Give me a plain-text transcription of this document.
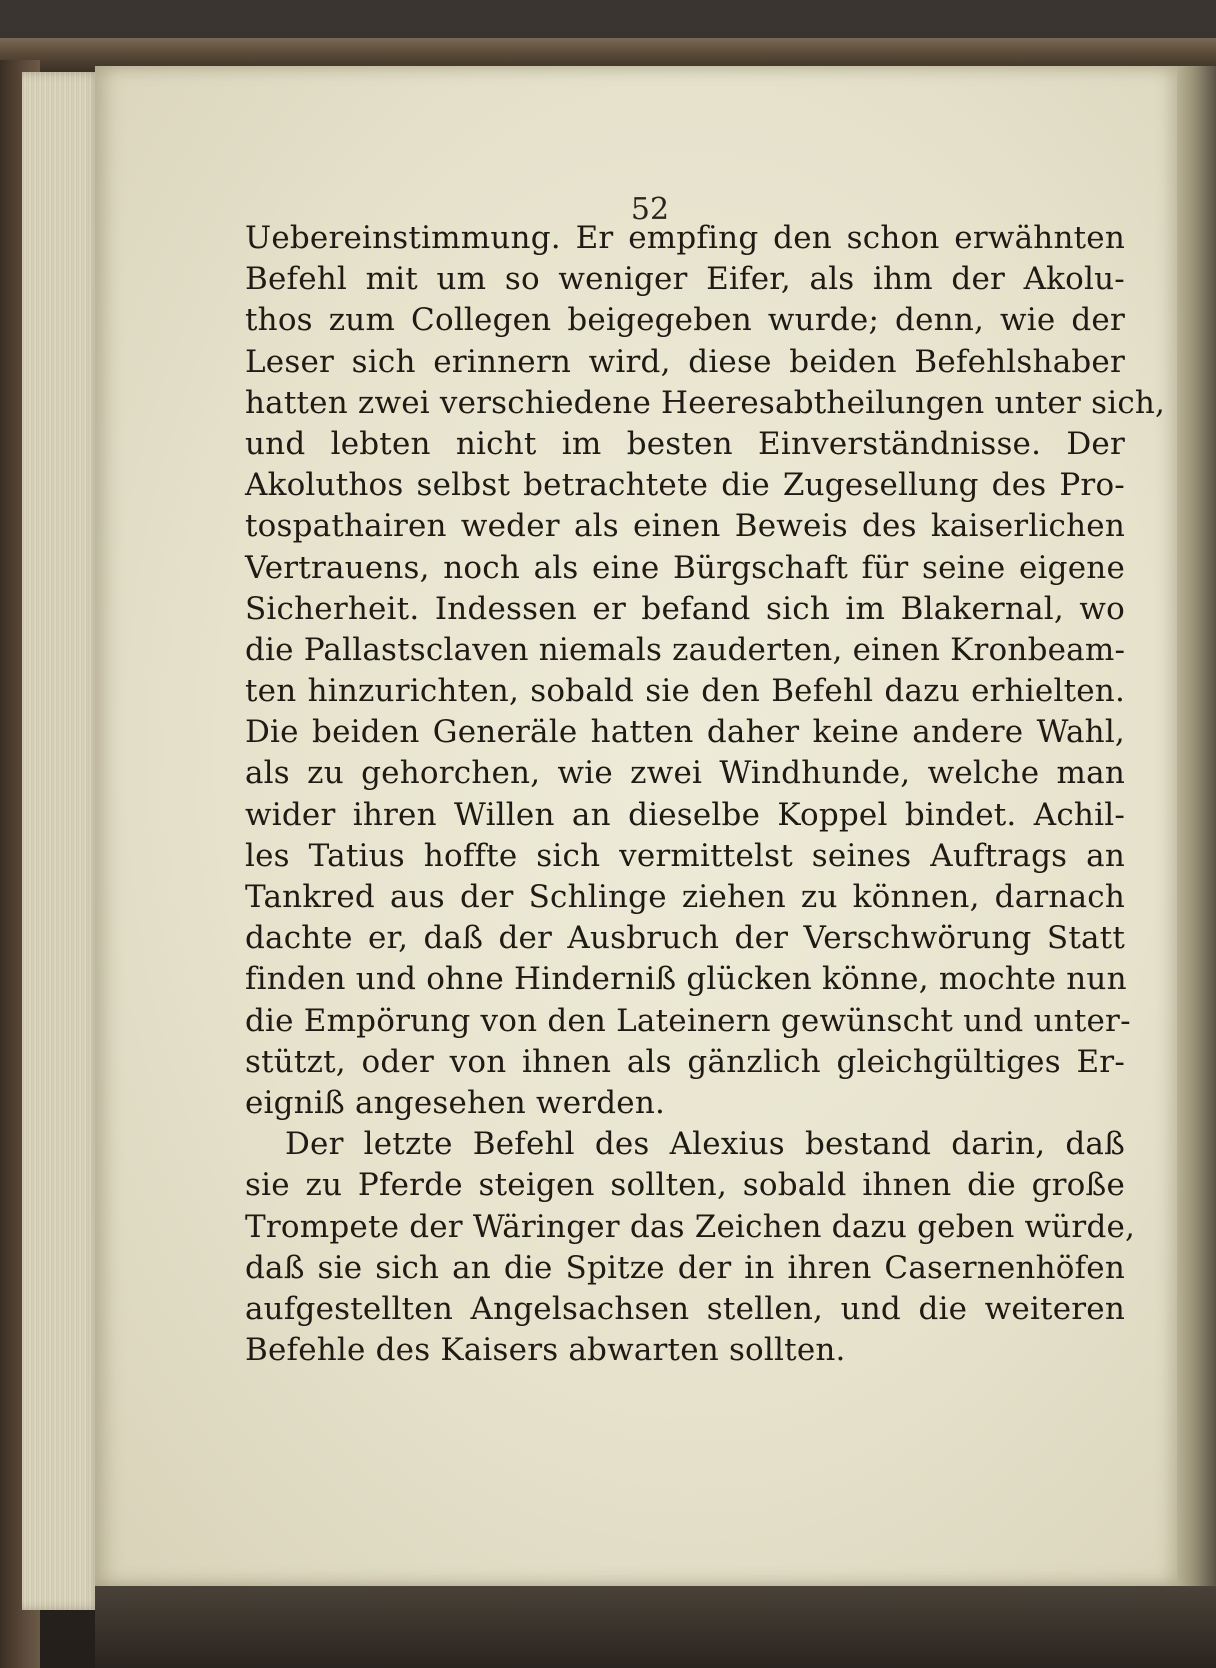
52
Uebereinstimmung. Er empfing den schon erwähnten
Befehl mit um so weniger Eifer, als ihm der Akolu-
thos zum Collegen beigegeben wurde; denn, wie der
Leser sich erinnern wird, diese beiden Befehlshaber
hatten zwei verschiedene Heeresabtheilungen unter sich,
und lebten nicht im besten Einverständnisse. Der
Akoluthos selbst betrachtete die Zugesellung des Pro-
tospathairen weder als einen Beweis des kaiserlichen
Vertrauens, noch als eine Bürgschaft für seine eigene
Sicherheit. Indessen er befand sich im Blakernal, wo
die Pallastsclaven niemals zauderten, einen Kronbeam-
ten hinzurichten, sobald sie den Befehl dazu erhielten.
Die beiden Generäle hatten daher keine andere Wahl,
als zu gehorchen, wie zwei Windhunde, welche man
wider ihren Willen an dieselbe Koppel bindet. Achil-
les Tatius hoffte sich vermittelst seines Auftrags an
Tankred aus der Schlinge ziehen zu können, darnach
dachte er, daß der Ausbruch der Verschwörung Statt
finden und ohne Hinderniß glücken könne, mochte nun
die Empörung von den Lateinern gewünscht und unter-
stützt, oder von ihnen als gänzlich gleichgültiges Er-
eigniß angesehen werden.
Der letzte Befehl des Alexius bestand darin, daß
sie zu Pferde steigen sollten, sobald ihnen die große
Trompete der Wäringer das Zeichen dazu geben würde,
daß sie sich an die Spitze der in ihren Casernenhöfen
aufgestellten Angelsachsen stellen, und die weiteren
Befehle des Kaisers abwarten sollten.
